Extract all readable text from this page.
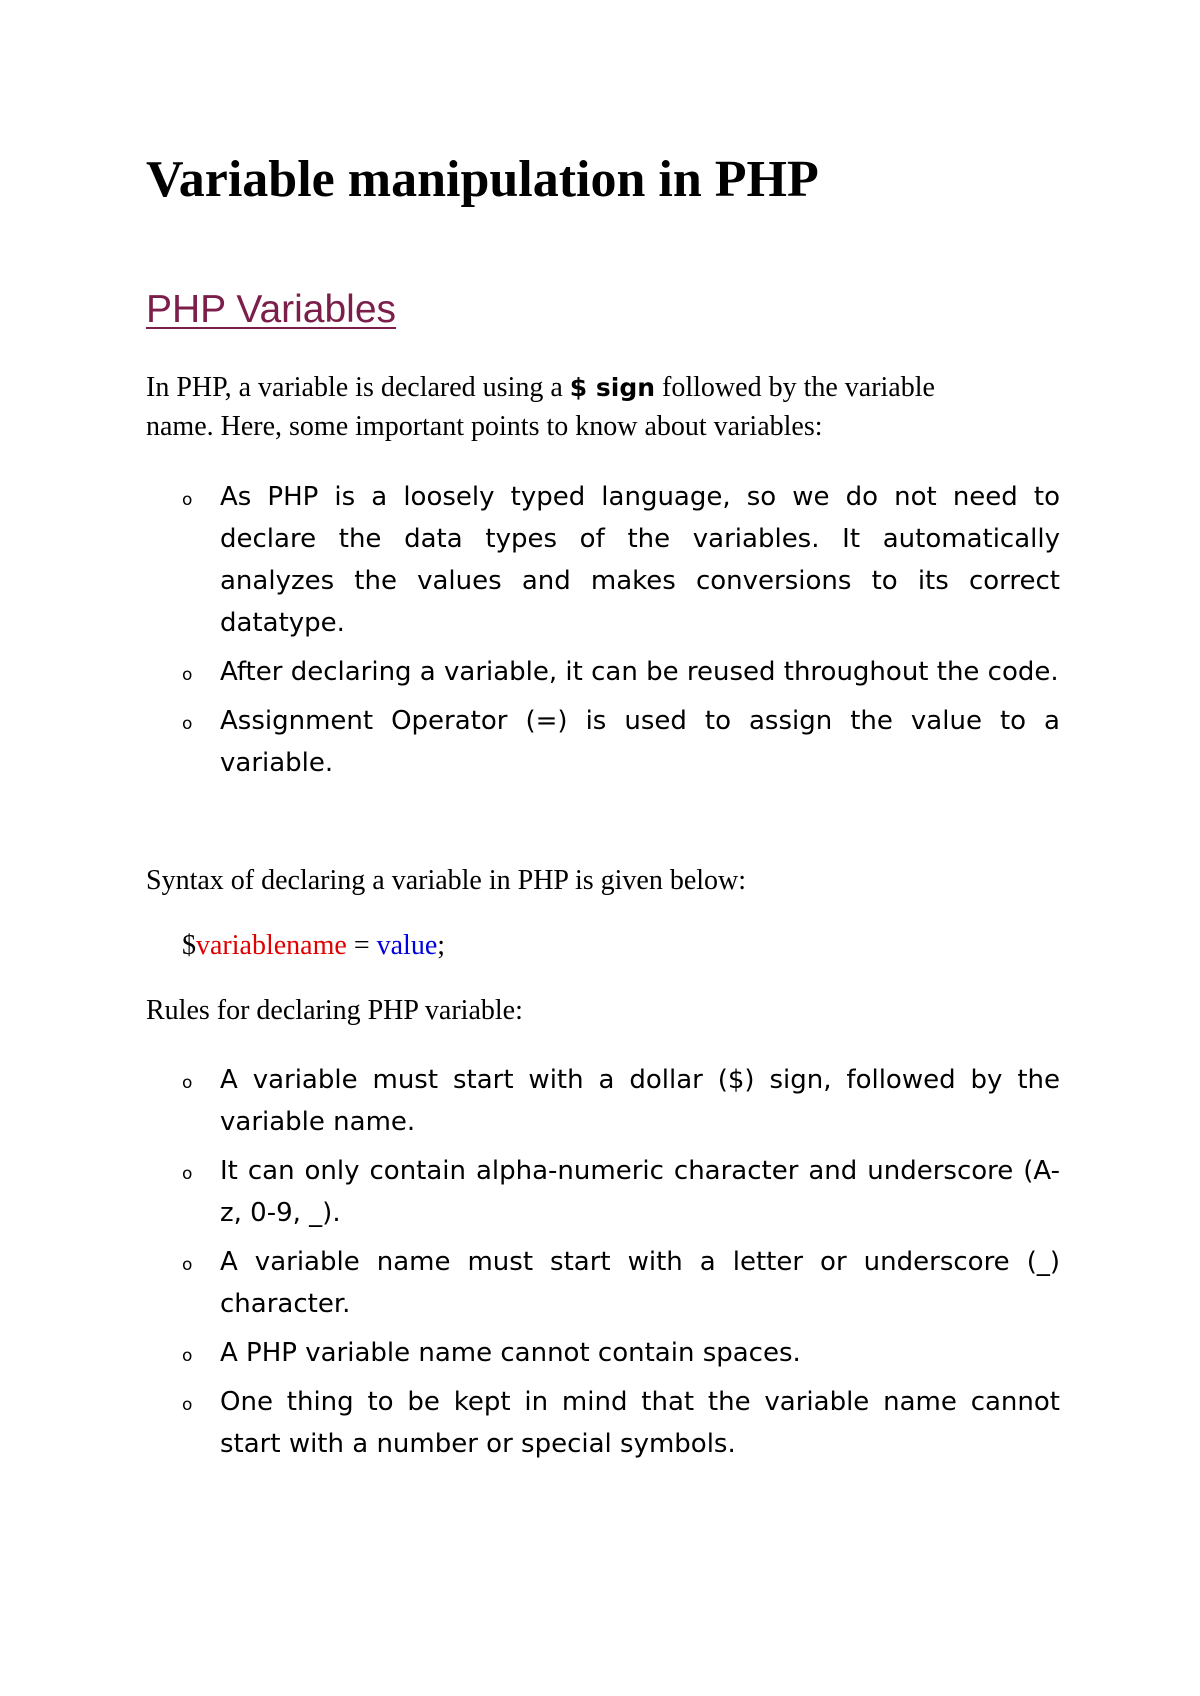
Variable manipulation in PHP
PHP Variables

In PHP, a variable is declared using a $ sign followed by the variable

name. Here, some important points to know about variables:

o As PHP is a loosely typed language, so we do not need to declare the data types of the variables. It automatically analyzes the values and makes conversions to its correct datatype.
o After declaring a variable, it can be reused throughout the code.
o Assignment Operator (=) is used to assign the value to a variable.

Syntax of declaring a variable in PHP is given below:

$variablename = value;

Rules for declaring PHP variable:

o A variable must start with a dollar ($) sign, followed by the variable name.
o It can only contain alpha-numeric character and underscore (A-z, 0-9, _).
o A variable name must start with a letter or underscore (_) character.
o A PHP variable name cannot contain spaces.
o One thing to be kept in mind that the variable name cannot start with a number or special symbols.
